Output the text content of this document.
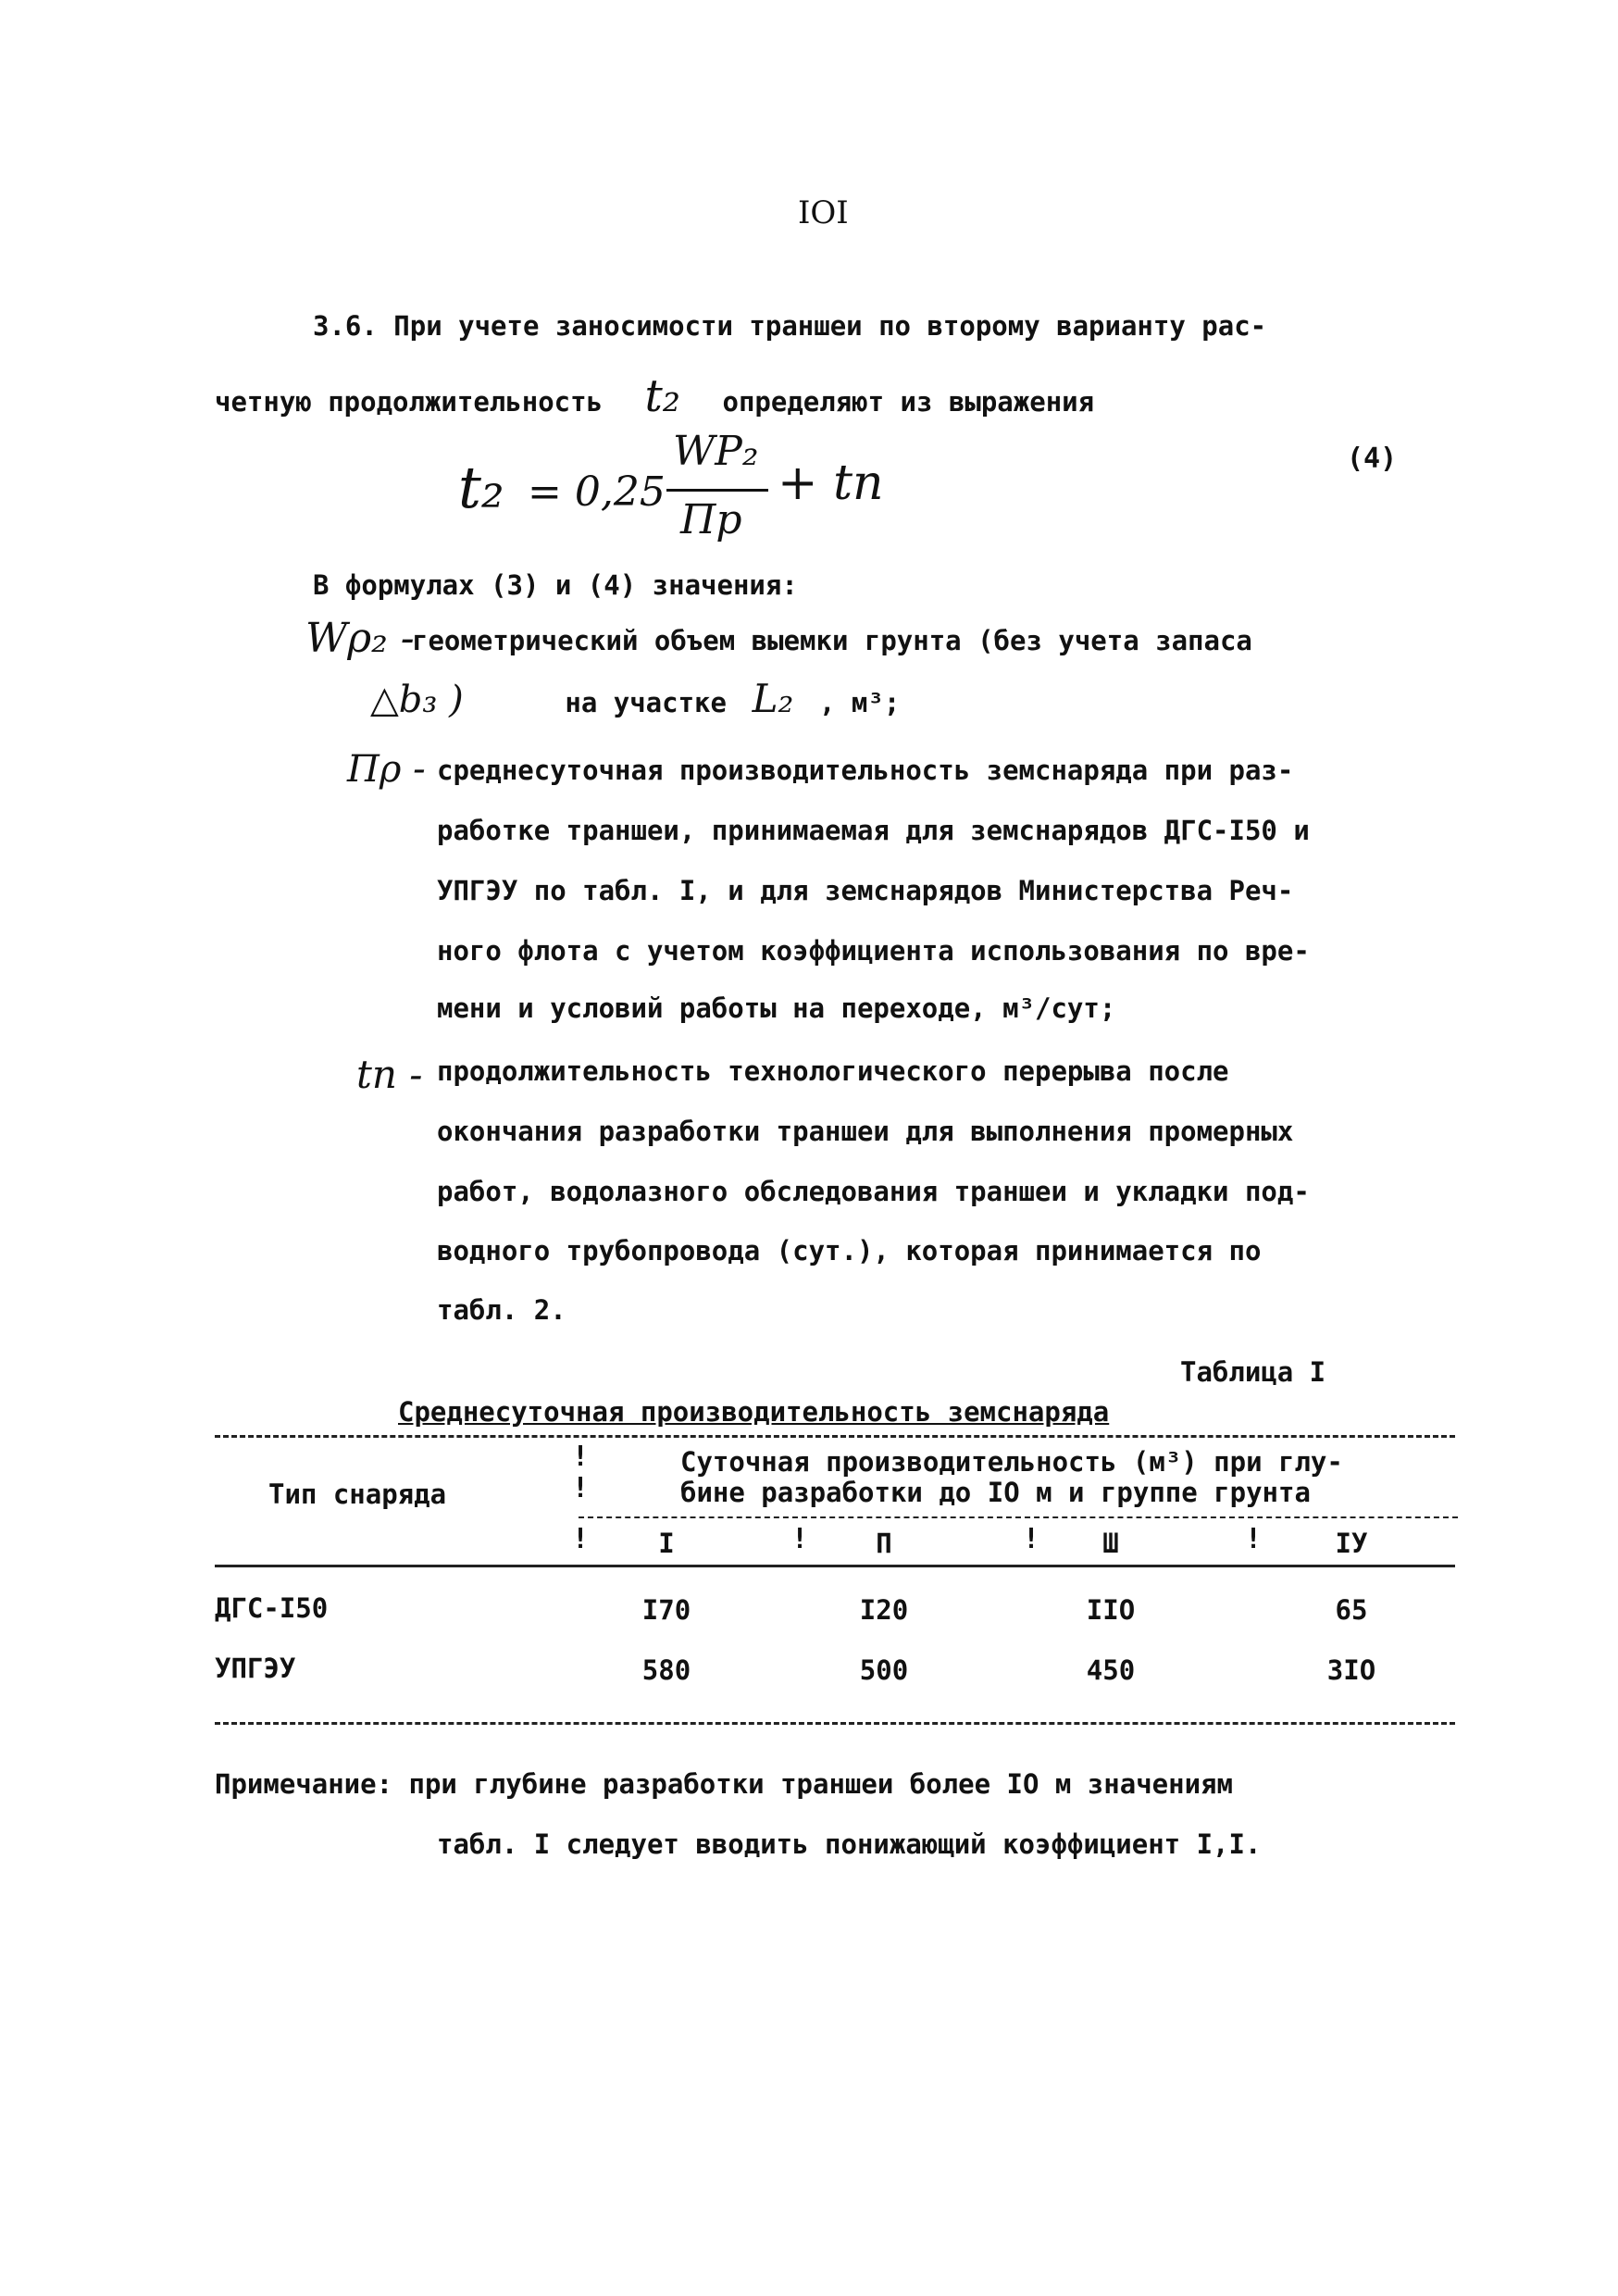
IOI
3.6. При учете заносимости траншеи по второму варианту рас-
четную продолжительность t₂ определяют из выражения
t₂ = 0,25
WP₂
Пр
+ tп	(4)
В формулах (3) и (4) значения:
Wρ₂ -
геометрический объем выемки грунта (без учета запаса
△b₃ )	на участке L₂ , м³;
Пρ - среднесуточная производительность земснаряда при раз-
работке траншеи, принимаемая для земснарядов ДГС-I50 и
УПГЭУ по табл. I, и для земснарядов Министерства Реч-
ного флота с учетом коэффициента использования по вре-
мени и условий работы на переходе, м³/сут;
tп - продолжительность технологического перерыва после
окончания разработки траншеи для выполнения промерных
работ, водолазного обследования траншеи и укладки под-
водного трубопровода (сут.), которая принимается по
табл. 2.
Таблица I
Среднесуточная производительность земснаряда
Тип снаряда
!
!
Суточная производительность (м³) при глу-
бине разработки до IO м и группе грунта
!	I	!	П	!	Ш	!	IУ
ДГС-I50	I70	I20	IIO	65
УПГЭУ	580	500	450	3IO
Примечание: при глубине разработки траншеи более IO м значениям
табл. I следует вводить понижающий коэффициент I,I.
